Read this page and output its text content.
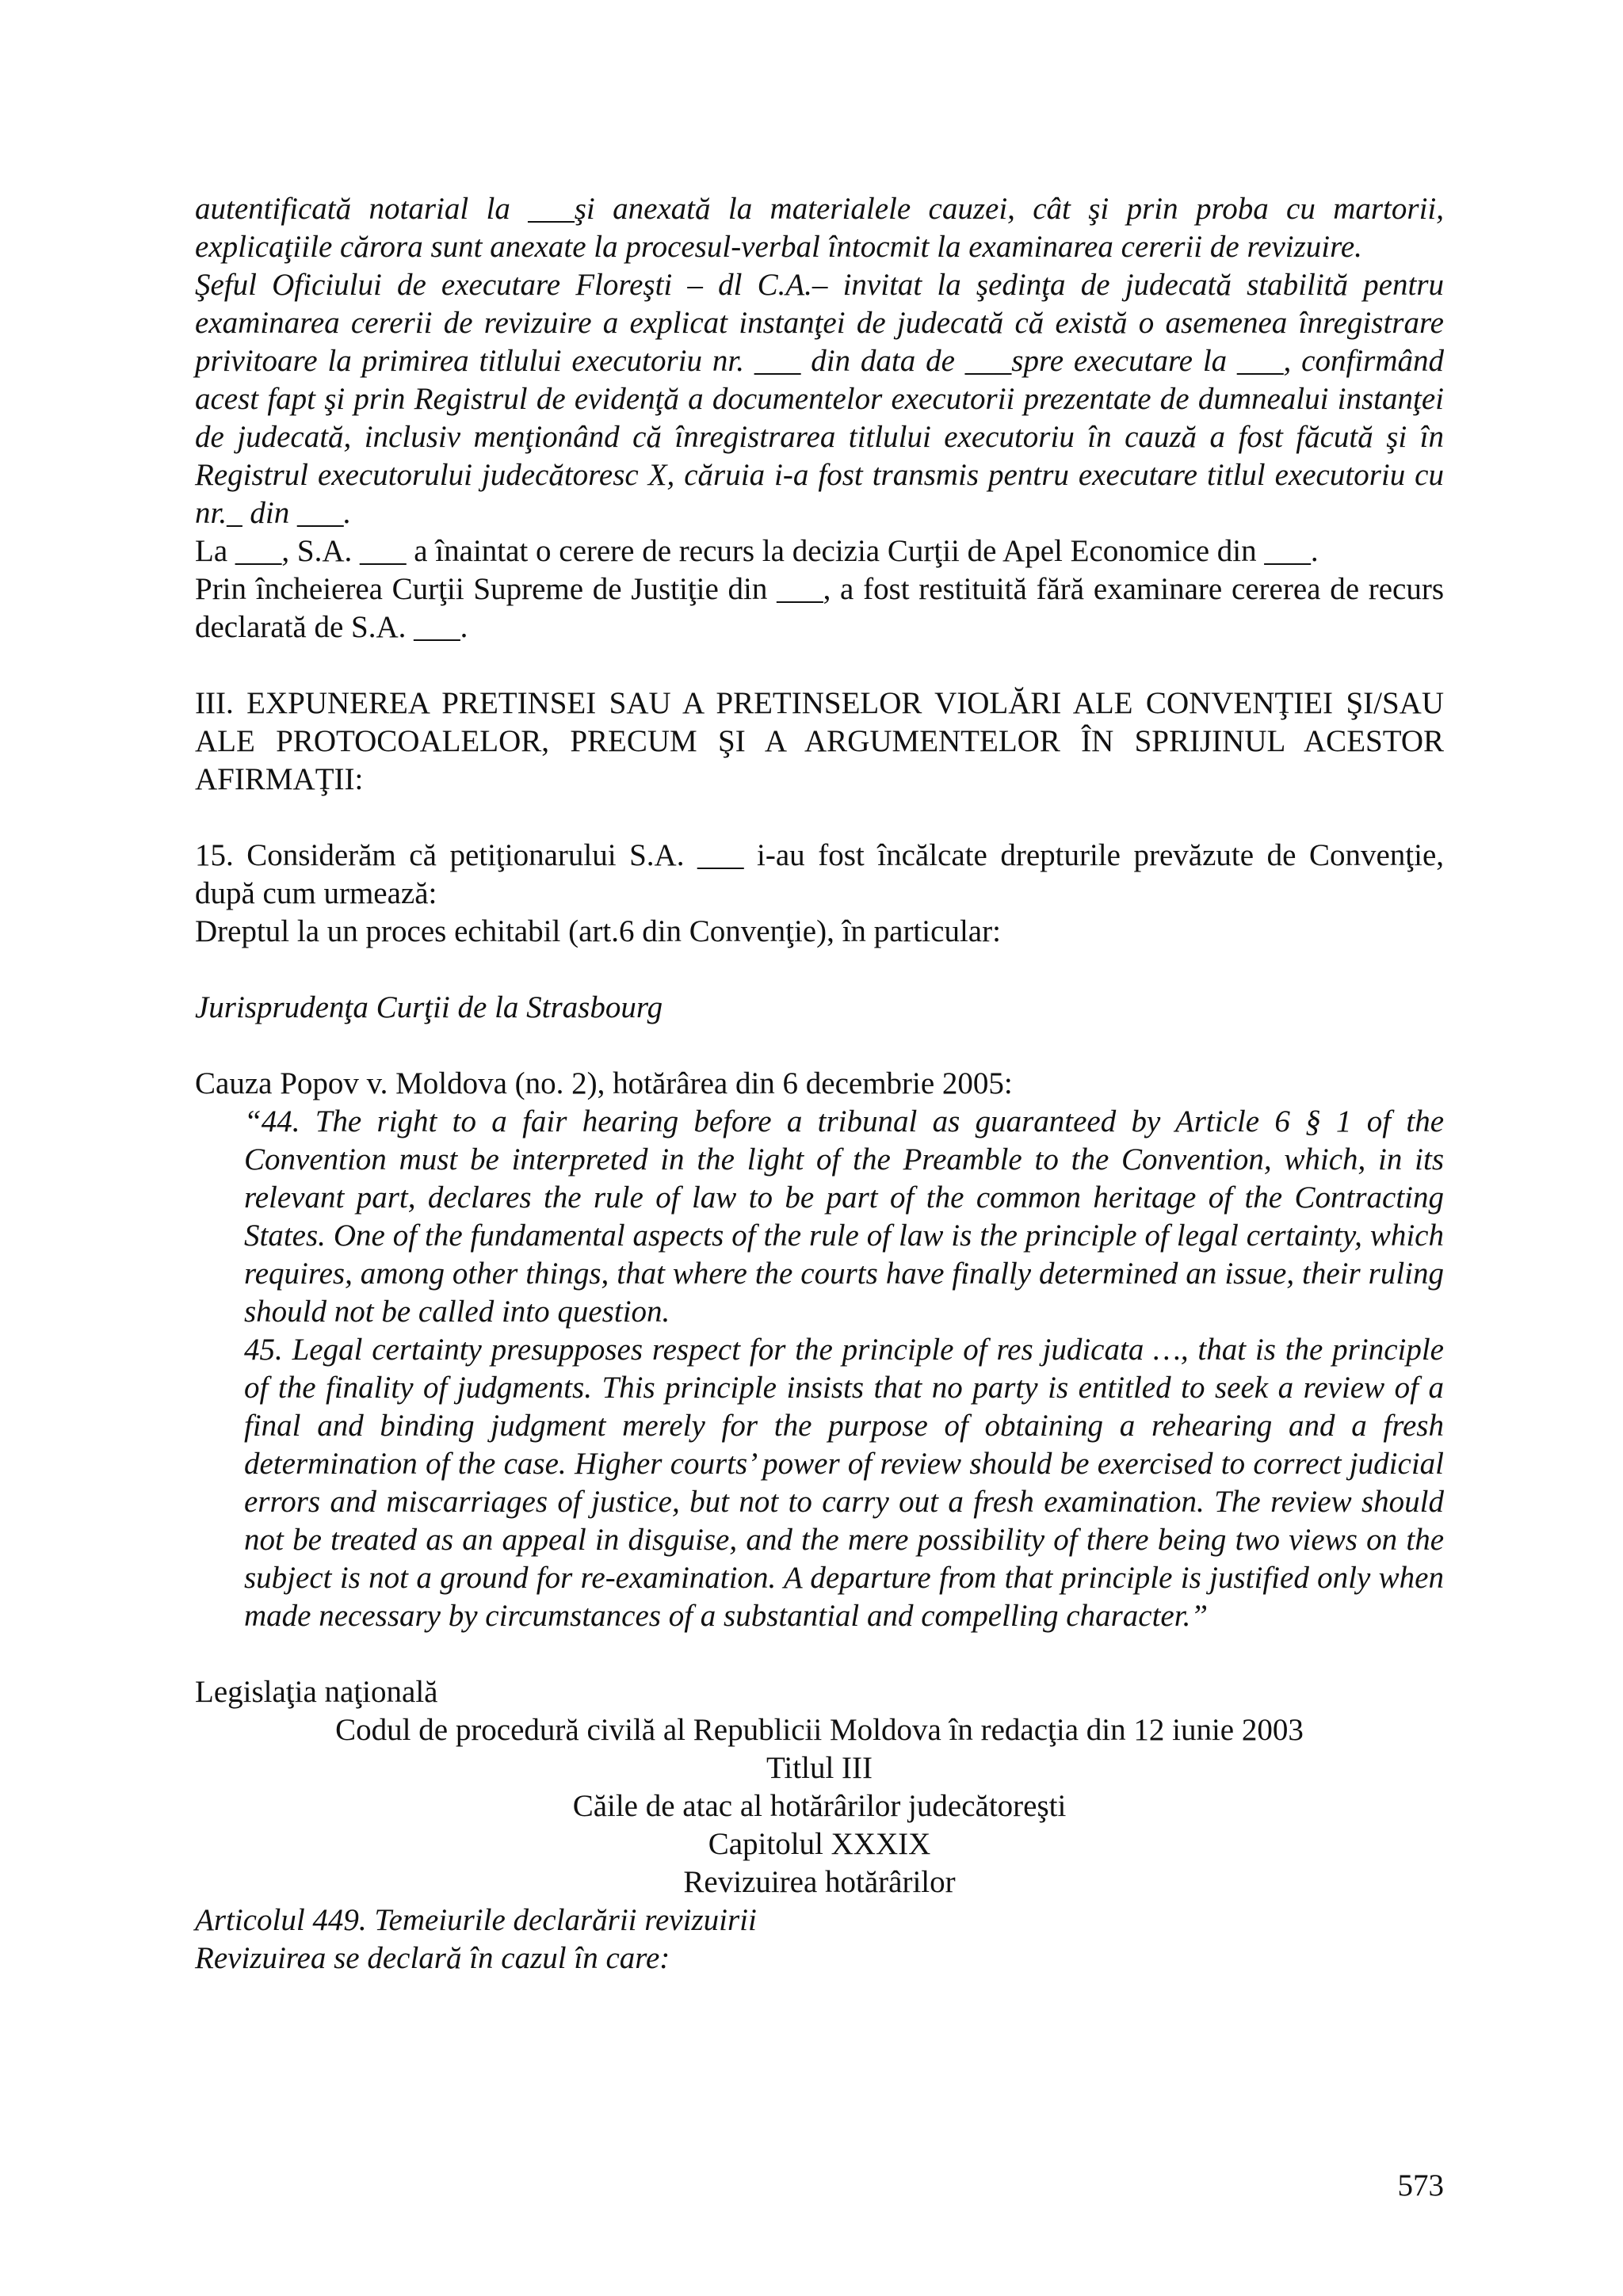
autentificată notarial la ___şi anexată la materialele cauzei, cât şi prin proba cu martorii, explicaţiile cărora sunt anexate la procesul-verbal întocmit la examinarea cererii de revizuire.

Şeful Oficiului de executare Floreşti – dl C.A.– invitat la şedinţa de judecată stabilită pentru examinarea cererii de revizuire a explicat instanţei de judecată că există o asemenea înregistrare privitoare la primirea titlului executoriu nr. ___ din data de ___spre executare la ___, confirmând acest fapt şi prin Registrul de evidenţă a documentelor executorii prezentate de dumnealui instanţei de judecată, inclusiv menţionând că înregistrarea titlului executoriu în cauză a fost făcută şi în Registrul executorului judecătoresc X, căruia i-a fost transmis pentru executare titlul executoriu cu nr._ din ___.

La ___, S.A. ___ a înaintat o cerere de recurs la decizia Curţii de Apel Economice din ___.

Prin încheierea Curţii Supreme de Justiţie din ___, a fost restituită fără examinare cererea de recurs declarată de S.A. ___.

III. EXPUNEREA PRETINSEI SAU A PRETINSELOR VIOLĂRI ALE CONVENŢIEI ŞI/SAU ALE PROTOCOALELOR, PRECUM ŞI A ARGUMENTELOR ÎN SPRIJINUL ACESTOR AFIRMAŢII:

15. Considerăm că petiţionarului S.A. ___ i-au fost încălcate drepturile prevăzute de Convenţie, după cum urmează:

Dreptul la un proces echitabil (art.6 din Convenţie), în particular:

Jurisprudenţa Curţii de la Strasbourg

Cauza Popov v. Moldova (no. 2), hotărârea din 6 decembrie 2005:

“44. The right to a fair hearing before a tribunal as guaranteed by Article 6 § 1 of the Convention must be interpreted in the light of the Preamble to the Convention, which, in its relevant part, declares the rule of law to be part of the common heritage of the Contracting States. One of the fundamental aspects of the rule of law is the principle of legal certainty, which requires, among other things, that where the courts have finally determined an issue, their ruling should not be called into question.

45. Legal certainty presupposes respect for the principle of res judicata …, that is the principle of the finality of judgments. This principle insists that no party is entitled to seek a review of a final and binding judgment merely for the purpose of obtaining a rehearing and a fresh determination of the case. Higher courts’ power of review should be exercised to correct judicial errors and miscarriages of justice, but not to carry out a fresh examination. The review should not be treated as an appeal in disguise, and the mere possibility of there being two views on the subject is not a ground for re-examination. A departure from that principle is justified only when made necessary by circumstances of a substantial and compelling character.”

Legislaţia naţională

Codul de procedură civilă al Republicii Moldova în redacţia din 12 iunie 2003

Titlul III

Căile de atac al hotărârilor judecătoreşti

Capitolul XXXIX

Revizuirea hotărârilor

Articolul 449. Temeiurile declarării revizuirii

Revizuirea se declară în cazul în care:

573
